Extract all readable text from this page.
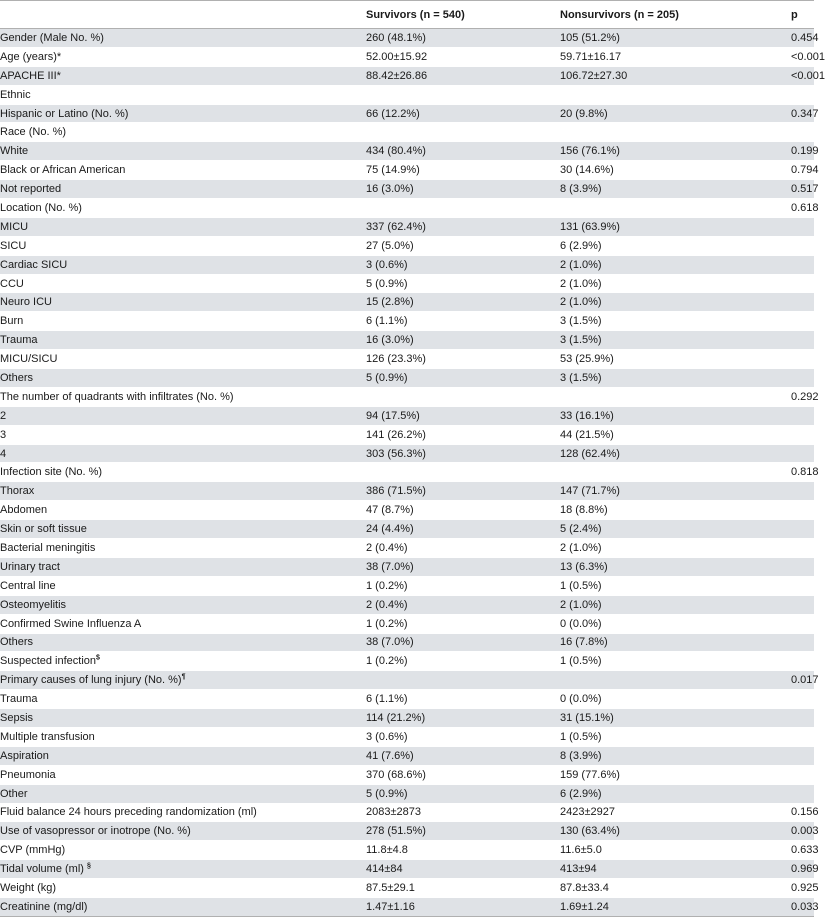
	Survivors (n = 540)	Nonsurvivors (n = 205)	p
Gender (Male No. %)	260 (48.1%)	105 (51.2%)	0.454
Age (years)*	52.00±15.92	59.71±16.17	<0.001
APACHE III*	88.42±26.86	106.72±27.30	<0.001
Ethnic			
Hispanic or Latino (No. %)	66 (12.2%)	20 (9.8%)	0.347
Race (No. %)			
White	434 (80.4%)	156 (76.1%)	0.199
Black or African American	75 (14.9%)	30 (14.6%)	0.794
Not reported	16 (3.0%)	8 (3.9%)	0.517
Location (No. %)			0.618
MICU	337 (62.4%)	131 (63.9%)	
SICU	27 (5.0%)	6 (2.9%)	
Cardiac SICU	3 (0.6%)	2 (1.0%)	
CCU	5 (0.9%)	2 (1.0%)	
Neuro ICU	15 (2.8%)	2 (1.0%)	
Burn	6 (1.1%)	3 (1.5%)	
Trauma	16 (3.0%)	3 (1.5%)	
MICU/SICU	126 (23.3%)	53 (25.9%)	
Others	5 (0.9%)	3 (1.5%)	
The number of quadrants with infiltrates (No. %)			0.292
2	94 (17.5%)	33 (16.1%)	
3	141 (26.2%)	44 (21.5%)	
4	303 (56.3%)	128 (62.4%)	
Infection site (No. %)			0.818
Thorax	386 (71.5%)	147 (71.7%)	
Abdomen	47 (8.7%)	18 (8.8%)	
Skin or soft tissue	24 (4.4%)	5 (2.4%)	
Bacterial meningitis	2 (0.4%)	2 (1.0%)	
Urinary tract	38 (7.0%)	13 (6.3%)	
Central line	1 (0.2%)	1 (0.5%)	
Osteomyelitis	2 (0.4%)	2 (1.0%)	
Confirmed Swine Influenza A	1 (0.2%)	0 (0.0%)	
Others	38 (7.0%)	16 (7.8%)	
Suspected infection$	1 (0.2%)	1 (0.5%)	
Primary causes of lung injury (No. %)¶			0.017
Trauma	6 (1.1%)	0 (0.0%)	
Sepsis	114 (21.2%)	31 (15.1%)	
Multiple transfusion	3 (0.6%)	1 (0.5%)	
Aspiration	41 (7.6%)	8 (3.9%)	
Pneumonia	370 (68.6%)	159 (77.6%)	
Other	5 (0.9%)	6 (2.9%)	
Fluid balance 24 hours preceding randomization (ml)	2083±2873	2423±2927	0.156
Use of vasopressor or inotrope (No. %)	278 (51.5%)	130 (63.4%)	0.003
CVP (mmHg)	11.8±4.8	11.6±5.0	0.633
Tidal volume (ml) §	414±84	413±94	0.969
Weight (kg)	87.5±29.1	87.8±33.4	0.925
Creatinine (mg/dl)	1.47±1.16	1.69±1.24	0.033
